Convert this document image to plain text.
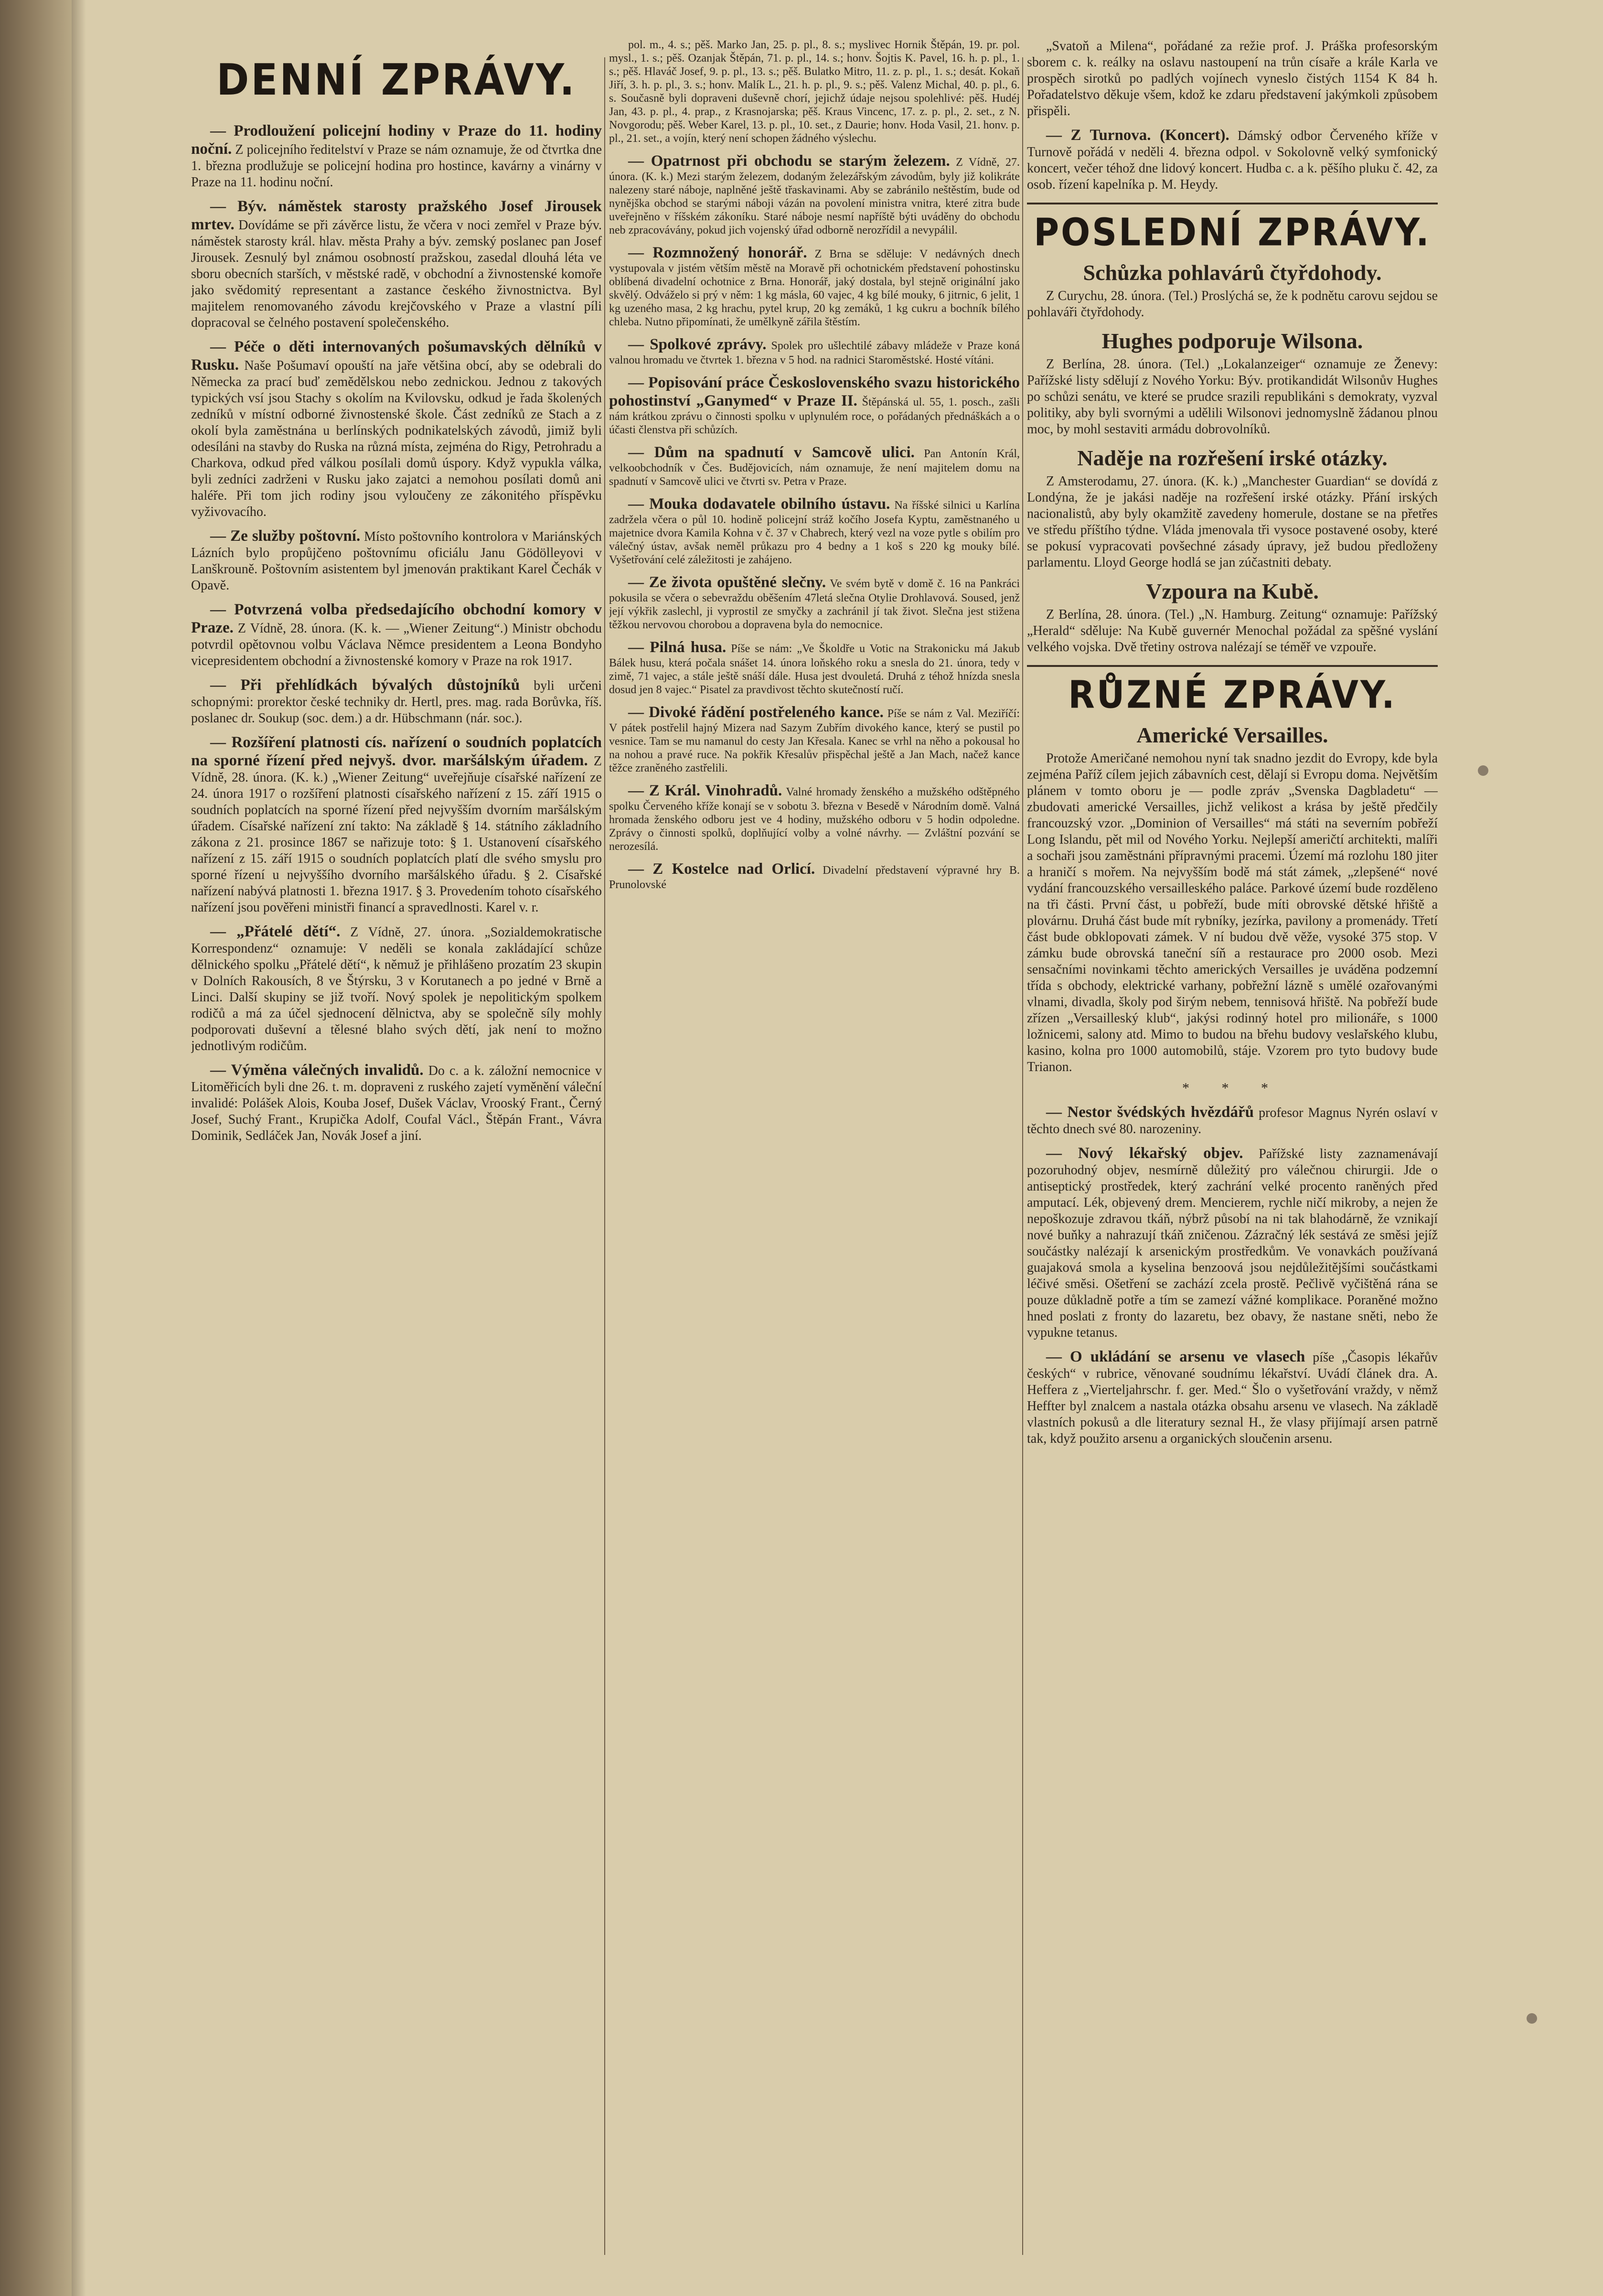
DENNÍ ZPRÁVY.

— Prodloužení policejní hodiny v Praze do 11. hodiny noční. Z policejního ředitelství v Praze se nám oznamuje, že od čtvrtka dne 1. března prodlužuje se policejní hodina pro hostince, kavárny a vinárny v Praze na 11. hodinu noční.

— Býv. náměstek starosty pražského Josef Jirousek mrtev. Dovídáme se při závěrce listu, že včera v noci zemřel v Praze býv. náměstek starosty král. hlav. města Prahy a býv. zemský poslanec pan Josef Jirousek. Zesnulý byl známou osobností pražskou, zasedal dlouhá léta ve sboru obecních starších, v městské radě, v obchodní a živnostenské komoře jako svědomitý representant a zastance českého živnostnictva. Byl majitelem renomovaného závodu krejčovského v Praze a vlastní píli dopracoval se čelného postavení společenského.

— Péče o děti internovaných pošumavských dělníků v Rusku. Naše Pošumaví opouští na jaře většina obcí, aby se odebrali do Německa za prací buď zemědělskou nebo zednickou. Jednou z takových typických vsí jsou Stachy s okolím na Kvilovsku, odkud je řada školených zedníků v místní odborné živnostenské škole. Část zedníků ze Stach a z okolí byla zaměstnána u berlínských podnikatelských závodů, jimiž byli odesíláni na stavby do Ruska na různá místa, zejména do Rigy, Petrohradu a Charkova, odkud před válkou posílali domů úspory. Když vypukla válka, byli zedníci zadrženi v Rusku jako zajatci a nemohou posílati domů ani haléře. Při tom jich rodiny jsou vyloučeny ze zákonitého příspěvku vyživovacího.

— Ze služby poštovní. Místo poštovního kontrolora v Mariánských Lázních bylo propůjčeno poštovnímu oficiálu Janu Gödölleyovi v Lanškrouně. Poštovním asistentem byl jmenován praktikant Karel Čechák v Opavě.

— Potvrzená volba předsedajícího obchodní komory v Praze. Z Vídně, 28. února. (K. k. — „Wiener Zeitung“.) Ministr obchodu potvrdil opětovnou volbu Václava Němce presidentem a Leona Bondyho vicepresidentem obchodní a živnostenské komory v Praze na rok 1917.

— Při přehlídkách bývalých důstojníků byli určeni schopnými: prorektor české techniky dr. Hertl, pres. mag. rada Borůvka, říš. poslanec dr. Soukup (soc. dem.) a dr. Hübschmann (nár. soc.).

— Rozšíření platnosti cís. nařízení o soudních poplatcích na sporné řízení před nejvyš. dvor. maršálským úřadem. Z Vídně, 28. února. (K. k.) „Wiener Zeitung“ uveřejňuje císařské nařízení ze 24. února 1917 o rozšíření platnosti císařského nařízení z 15. září 1915 o soudních poplatcích na sporné řízení před nejvyšším dvorním maršálským úřadem. Císařské nařízení zní takto: Na základě § 14. státního základního zákona z 21. prosince 1867 se nařizuje toto: § 1. Ustanovení císařského nařízení z 15. září 1915 o soudních poplatcích platí dle svého smyslu pro sporné řízení u nejvyššího dvorního maršálského úřadu. § 2. Císařské nařízení nabývá platnosti 1. března 1917. § 3. Provedením tohoto císařského nařízení jsou pověřeni ministři financí a spravedlnosti. Karel v. r.

— „Přátelé dětí“. Z Vídně, 27. února. „Sozialdemokratische Korrespondenz“ oznamuje: V neděli se konala zakládající schůze dělnického spolku „Přátelé dětí“, k němuž je přihlášeno prozatím 23 skupin v Dolních Rakousích, 8 ve Štýrsku, 3 v Korutanech a po jedné v Brně a Linci. Další skupiny se již tvoří. Nový spolek je nepolitickým spolkem rodičů a má za účel sjednocení dělnictva, aby se společně síly mohly podporovati duševní a tělesné blaho svých dětí, jak není to možno jednotlivým rodičům.

— Výměna válečných invalidů. Do c. a k. záložní nemocnice v Litoměřicích byli dne 26. t. m. dopraveni z ruského zajetí vyměnění váleční invalidé: Polášek Alois, Kouba Josef, Dušek Václav, Vrooský Frant., Černý Josef, Suchý Frant., Krupička Adolf, Coufal Václ., Štěpán Frant., Vávra Dominik, Sedláček Jan, Novák Josef a jiní.

pol. m., 4. s.; pěš. Marko Jan, 25. p. pl., 8. s.; myslivec Hornik Štěpán, 19. pr. pol. mysl., 1. s.; pěš. Ozanjak Štěpán, 71. p. pl., 14. s.; honv. Šojtis K. Pavel, 16. h. p. pl., 1. s.; pěš. Hlaváč Josef, 9. p. pl., 13. s.; pěš. Bulatko Mitro, 11. z. p. pl., 1. s.; desát. Kokaň Jiří, 3. h. p. pl., 3. s.; honv. Malík L., 21. h. p. pl., 9. s.; pěš. Valenz Michal, 40. p. pl., 6. s. Současně byli dopraveni duševně chorí, jejichž údaje nejsou spolehlivé: pěš. Hudéj Jan, 43. p. pl., 4. prap., z Krasnojarska; pěš. Kraus Vincenc, 17. z. p. pl., 2. set., z N. Novgorodu; pěš. Weber Karel, 13. p. pl., 10. set., z Daurie; honv. Hoda Vasil, 21. honv. p. pl., 21. set., a vojín, který není schopen žádného výslechu.

— Opatrnost při obchodu se starým železem. Z Vídně, 27. února. (K. k.) Mezi starým železem, dodaným železářským závodům, byly již kolikráte nalezeny staré náboje, naplněné ještě třaskavinami. Aby se zabránilo neštěstím, bude od nynějška obchod se starými náboji vázán na povolení ministra vnitra, které zitra bude uveřejněno v říšském zákoníku. Staré náboje nesmí napříště býti uváděny do obchodu neb zpracovávány, pokud jich vojenský úřad odborně nerozřídil a nevypálil.

— Rozmnožený honorář. Z Brna se sděluje: V nedávných dnech vystupovala v jistém větším městě na Moravě při ochotnickém představení pohostinsku oblíbená divadelní ochotnice z Brna. Honorář, jaký dostala, byl stejně originální jako skvělý. Odváželo si prý v něm: 1 kg másla, 60 vajec, 4 kg bílé mouky, 6 jitrnic, 6 jelit, 1 kg uzeného masa, 2 kg hrachu, pytel krup, 20 kg zemáků, 1 kg cukru a bochník bílého chleba. Nutno připomínati, že umělkyně zářila štěstím.

— Spolkové zprávy. Spolek pro ušlechtilé zábavy mládeže v Praze koná valnou hromadu ve čtvrtek 1. března v 5 hod. na radnici Staroměstské. Hosté vítáni.

— Popisování práce Československého svazu historického pohostinství „Ganymed“ v Praze II. Štěpánská ul. 55, 1. posch., zašli nám krátkou zprávu o činnosti spolku v uplynulém roce, o pořádaných přednáškách a o účasti členstva při schůzích.

— Dům na spadnutí v Samcově ulici. Pan Antonín Král, velkoobchodník v Čes. Budějovicích, nám oznamuje, že není majitelem domu na spadnutí v Samcově ulici ve čtvrti sv. Petra v Praze.

— Mouka dodavatele obilního ústavu. Na říšské silnici u Karlína zadržela včera o půl 10. hodině policejní stráž kočího Josefa Kyptu, zaměstnaného u majetnice dvora Kamila Kohna v č. 37 v Chabrech, který vezl na voze pytle s obilím pro válečný ústav, avšak neměl průkazu pro 4 bedny a 1 koš s 220 kg mouky bílé. Vyšetřování celé záležitosti je zahájeno.

— Ze života opuštěné slečny. Ve svém bytě v domě č. 16 na Pankráci pokusila se včera o sebevraždu oběšením 47letá slečna Otylie Drohlavová. Soused, jenž její výkřik zaslechl, ji vyprostil ze smyčky a zachránil jí tak život. Slečna jest stižena těžkou nervovou chorobou a dopravena byla do nemocnice.

— Pilná husa. Píše se nám: „Ve Školdře u Votic na Strakonicku má Jakub Bálek husu, která počala snášet 14. února loňského roku a snesla do 21. února, tedy v zimě, 71 vajec, a stále ještě snáší dále. Husa jest dvouletá. Druhá z téhož hnízda snesla dosud jen 8 vajec.“ Pisatel za pravdivost těchto skutečností ručí.

— Divoké řádění postřeleného kance. Píše se nám z Val. Meziříčí: V pátek postřelil hajný Mizera nad Sazym Zubřím divokého kance, který se pustil po vesnice. Tam se mu namanul do cesty Jan Křesala. Kanec se vrhl na něho a pokousal ho na nohou a pravé ruce. Na pokřik Křesalův přispěchal ještě a Jan Mach, načež kance těžce zraněného zastřelili.

— Z Král. Vinohradů. Valné hromady ženského a mužského odštěpného spolku Červeného kříže konají se v sobotu 3. března v Besedě v Národním domě. Valná hromada ženského odboru jest ve 4 hodiny, mužského odboru v 5 hodin odpoledne. Zprávy o činnosti spolků, doplňující volby a volné návrhy. — Zvláštní pozvání se nerozesílá.

— Z Kostelce nad Orlicí. Divadelní představení výpravné hry B. Prunolovské

„Svatoň a Milena“, pořádané za režie prof. J. Práška profesorským sborem c. k. reálky na oslavu nastoupení na trůn císaře a krále Karla ve prospěch sirotků po padlých vojínech vyneslo čistých 1154 K 84 h. Pořadatelstvo děkuje všem, kdož ke zdaru představení jakýmkoli způsobem přispěli.

— Z Turnova. (Koncert). Dámský odbor Červeného kříže v Turnově pořádá v neděli 4. března odpol. v Sokolovně velký symfonický koncert, večer téhož dne lidový koncert. Hudba c. a k. pěšího pluku č. 42, za osob. řízení kapelníka p. M. Heydy.

POSLEDNÍ ZPRÁVY.
Schůzka pohlavárů čtyřdohody.

Z Curychu, 28. února. (Tel.) Proslýchá se, že k podnětu carovu sejdou se pohlaváři čtyřdohody.

Hughes podporuje Wilsona.

Z Berlína, 28. února. (Tel.) „Lokalanzeiger“ oznamuje ze Ženevy: Pařížské listy sdělují z Nového Yorku: Býv. protikandidát Wilsonův Hughes po schůzi senátu, ve které se prudce srazili republikáni s demokraty, vyzval politiky, aby byli svornými a udělili Wilsonovi jednomyslně žádanou plnou moc, by mohl sestaviti armádu dobrovolníků.

Naděje na rozřešení irské otázky.

Z Amsterodamu, 27. února. (K. k.) „Manchester Guardian“ se dovídá z Londýna, že je jakási naděje na rozřešení irské otázky. Přání irských nacionalistů, aby byly okamžitě zavedeny homerule, dostane se na přetřes ve středu příštího týdne. Vláda jmenovala tři vysoce postavené osoby, které se pokusí vypracovati povšechné zásady úpravy, jež budou předloženy parlamentu. Lloyd George hodlá se jan zúčastniti debaty.

Vzpoura na Kubě.

Z Berlína, 28. února. (Tel.) „N. Hamburg. Zeitung“ oznamuje: Pařížský „Herald“ sděluje: Na Kubě guvernér Menochal požádal za spěšné vyslání velkého vojska. Dvě třetiny ostrova nalézají se téměř ve vzpouře.

RŮZNÉ ZPRÁVY.
Americké Versailles.

Protože Američané nemohou nyní tak snadno jezdit do Evropy, kde byla zejména Paříž cílem jejich zábavních cest, dělají si Evropu doma. Největším plánem v tomto oboru je — podle zpráv „Svenska Dagbladetu“ — zbudovati americké Versailles, jichž velikost a krása by ještě předčily francouzský vzor. „Dominion of Versailles“ má státi na severním pobřeží Long Islandu, pět mil od Nového Yorku. Nejlepší američtí architekti, malíři a sochaři jsou zaměstnáni přípravnými pracemi. Území má rozlohu 180 jiter a hraničí s mořem. Na nejvyšším bodě má stát zámek, „zlepšené“ nové vydání francouzského versailleského paláce. Parkové území bude rozděleno na tři části. První část, u pobřeží, bude míti obrovské dětské hřiště a plovárnu. Druhá část bude mít rybníky, jezírka, pavilony a promenády. Třetí část bude obklopovati zámek. V ní budou dvě věže, vysoké 375 stop. V zámku bude obrovská taneční síň a restaurace pro 2000 osob. Mezi sensačními novinkami těchto amerických Versailles je uváděna podzemní třída s obchody, elektrické varhany, pobřežní lázně s umělé ozařovanými vlnami, divadla, školy pod širým nebem, tennisová hřiště. Na pobřeží bude zřízen „Versailleský klub“, jakýsi rodinný hotel pro milionáře, s 1000 ložnicemi, salony atd. Mimo to budou na břehu budovy veslařského klubu, kasino, kolna pro 1000 automobilů, stáje. Vzorem pro tyto budovy bude Trianon.

* * *

— Nestor švédských hvězdářů profesor Magnus Nyrén oslaví v těchto dnech své 80. narozeniny.

— Nový lékařský objev. Pařížské listy zaznamenávají pozoruhodný objev, nesmírně důležitý pro válečnou chirurgii. Jde o antiseptický prostředek, který zachrání velké procento raněných před amputací. Lék, objevený drem. Mencierem, rychle ničí mikroby, a nejen že nepoškozuje zdravou tkáň, nýbrž působí na ni tak blahodárně, že vznikají nové buňky a nahrazují tkáň zničenou. Zázračný lék sestává ze směsi jejíž součástky nalézají k arsenickým prostředkům. Ve vonavkách používaná guajaková smola a kyselina benzoová jsou nejdůležitějšími součástkami léčivé směsi. Ošetření se zachází zcela prostě. Pečlivě vyčištěná rána se pouze důkladně potře a tím se zamezí vážné komplikace. Poraněné možno hned poslati z fronty do lazaretu, bez obavy, že nastane sněti, nebo že vypukne tetanus.

— O ukládání se arsenu ve vlasech píše „Časopis lékařův českých“ v rubrice, věnované soudnímu lékařství. Uvádí článek dra. A. Heffera z „Vierteljahrschr. f. ger. Med.“ Šlo o vyšetřování vraždy, v němž Heffter byl znalcem a nastala otázka obsahu arsenu ve vlasech. Na základě vlastních pokusů a dle literatury seznal H., že vlasy přijímají arsen patrně tak, když použito arsenu a organických sloučenin arsenu.
